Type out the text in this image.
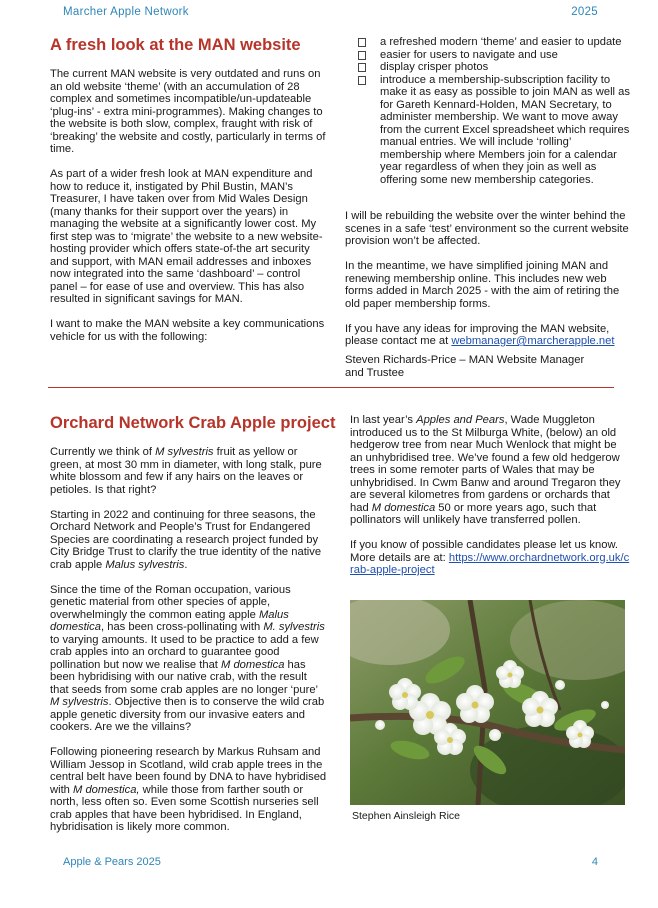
Marcher Apple Network	2025
A fresh look at the MAN website

The current MAN website is very outdated and runs on an old website ‘theme’ (with an accumulation of 28 complex and sometimes incompatible/un-updateable ‘plug-ins’ - extra mini-programmes). Making changes to the website is both slow, complex, fraught with risk of ‘breaking’ the website and costly, particularly in terms of time.

As part of a wider fresh look at MAN expenditure and how to reduce it, instigated by Phil Bustin, MAN’s Treasurer, I have taken over from Mid Wales Design (many thanks for their support over the years) in managing the website at a significantly lower cost. My first step was to ‘migrate’ the website to a new website-hosting provider which offers state-of-the art security and support, with MAN email addresses and inboxes now integrated into the same ‘dashboard’ – control panel – for ease of use and overview. This has also resulted in significant savings for MAN.

I want to make the MAN website a key communications vehicle for us with the following:

a refreshed modern ‘theme’ and easier to update
easier for users to navigate and use
display crisper photos
introduce a membership-subscription facility to make it as easy as possible to join MAN as well as for Gareth Kennard-Holden, MAN Secretary, to administer membership. We want to move away from the current Excel spreadsheet which requires manual entries. We will include ‘rolling’ membership where Members join for a calendar year regardless of when they join as well as offering some new membership categories.

I will be rebuilding the website over the winter behind the scenes in a safe ‘test’ environment so the current website provision won’t be affected.

In the meantime, we have simplified joining MAN and renewing membership online. This includes new web forms added in March 2025 - with the aim of retiring the old paper membership forms.

If you have any ideas for improving the MAN website, please contact me at webmanager@marcherapple.net

Steven Richards-Price – MAN Website Manager
and Trustee

Orchard Network Crab Apple project

Currently we think of M sylvestris fruit as yellow or green, at most 30 mm in diameter, with long stalk, pure white blossom and few if any hairs on the leaves or petioles. Is that right?

Starting in 2022 and continuing for three seasons, the Orchard Network and People’s Trust for Endangered Species are coordinating a research project funded by City Bridge Trust to clarify the true identity of the native crab apple Malus sylvestris.

Since the time of the Roman occupation, various genetic material from other species of apple, overwhelmingly the common eating apple Malus domestica, has been cross-pollinating with M. sylvestris to varying amounts. It used to be practice to add a few crab apples into an orchard to guarantee good pollination but now we realise that M domestica has been hybridising with our native crab, with the result that seeds from some crab apples are no longer ‘pure’ M sylvestris. Objective then is to conserve the wild crab apple genetic diversity from our invasive eaters and cookers. Are we the villains?

Following pioneering research by Markus Ruhsam and William Jessop in Scotland, wild crab apple trees in the central belt have been found by DNA to have hybridised with M domestica, while those from farther south or north, less often so. Even some Scottish nurseries sell crab apples that have been hybridised. In England, hybridisation is likely more common.

In last year’s Apples and Pears, Wade Muggleton introduced us to the St Milburga White, (below) an old hedgerow tree from near Much Wenlock that might be an unhybridised tree. We’ve found a few old hedgerow trees in some remoter parts of Wales that may be unhybridised. In Cwm Banw and around Tregaron they are several kilometres from gardens or orchards that had M domestica 50 or more years ago, such that pollinators will unlikely have transferred pollen.

If you know of possible candidates please let us know. More details are at: https://www.orchardnetwork.org.uk/crab-apple-project

Stephen Ainsleigh Rice
Apple & Pears 2025	4
